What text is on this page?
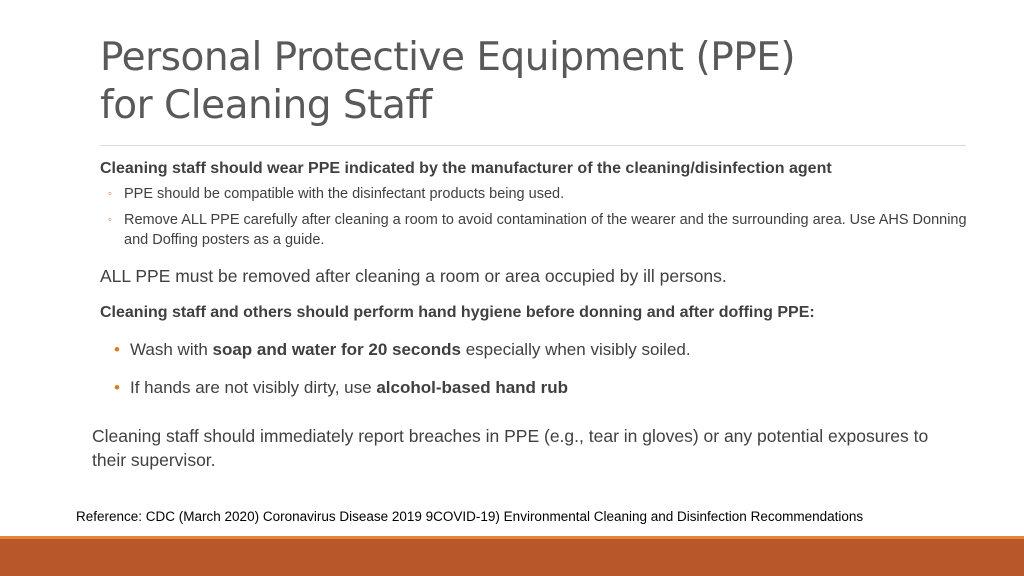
Personal Protective Equipment (PPE)
for Cleaning Staff
Cleaning staff should wear PPE indicated by the manufacturer of the cleaning/disinfection agent
◦ PPE should be compatible with the disinfectant products being used.
◦ Remove ALL PPE carefully after cleaning a room to avoid contamination of the wearer and the surrounding area. Use AHS Donning and Doffing posters as a guide.
ALL PPE must be removed after cleaning a room or area occupied by ill persons.
Cleaning staff and others should perform hand hygiene before donning and after doffing PPE:
• Wash with soap and water for 20 seconds especially when visibly soiled.
• If hands are not visibly dirty, use alcohol-based hand rub
Cleaning staff should immediately report breaches in PPE (e.g., tear in gloves) or any potential exposures to their supervisor.
Reference: CDC (March 2020) Coronavirus Disease 2019 9COVID-19) Environmental Cleaning and Disinfection Recommendations
